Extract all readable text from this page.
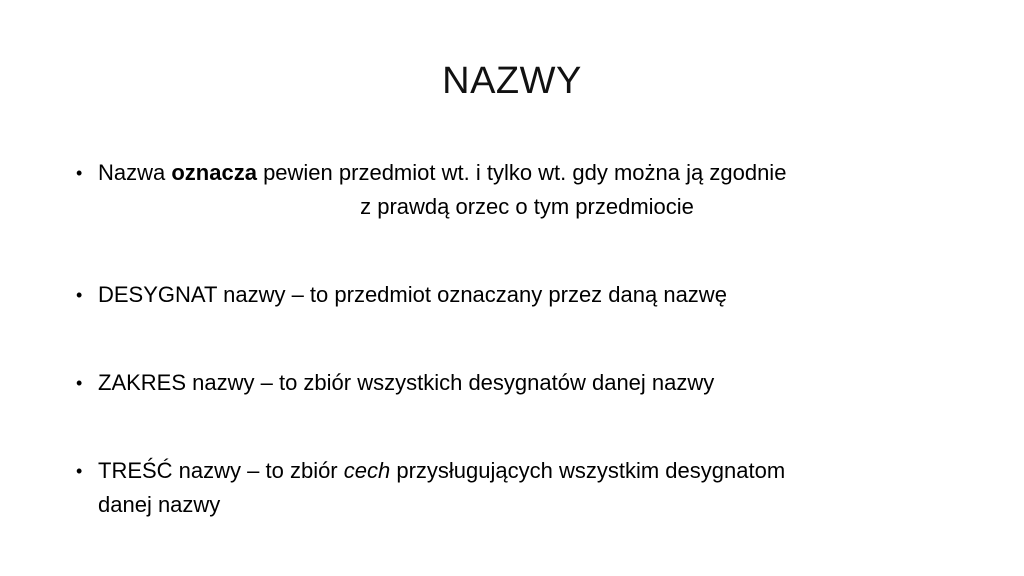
NAZWY
• Nazwa oznacza pewien przedmiot wt. i tylko wt. gdy można ją zgodnie
z prawdą orzec o tym przedmiocie
• DESYGNAT nazwy – to przedmiot oznaczany przez daną nazwę
• ZAKRES nazwy – to zbiór wszystkich desygnatów danej nazwy
• TREŚĆ nazwy – to zbiór cech przysługujących wszystkim desygnatom
danej nazwy
